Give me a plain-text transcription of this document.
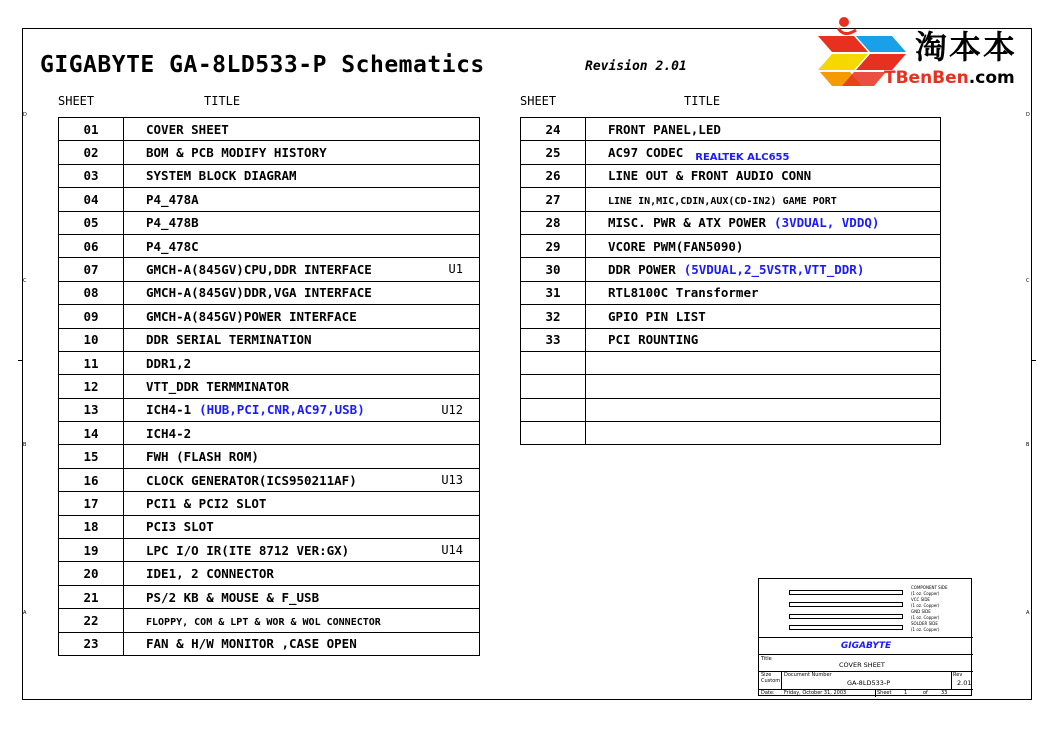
D
C
B
A
D
C
B
A
GIGABYTE GA-8LD533-P Schematics	Revision 2.01
淘本本
TBenBen.com
SHEET	TITLE	SHEET	TITLE
01	COVER SHEET
02	BOM & PCB MODIFY HISTORY
03	SYSTEM BLOCK DIAGRAM
04	P4_478A
05	P4_478B
06	P4_478C
07	GMCH-A(845GV)CPU,DDR INTERFACE U1

08	GMCH-A(845GV)DDR,VGA INTERFACE
09	GMCH-A(845GV)POWER INTERFACE
10	DDR SERIAL TERMINATION
11	DDR1,2
12	VTT_DDR TERMMINATOR
13	ICH4-1 (HUB,PCI,CNR,AC97,USB) U12

14	ICH4-2
15	FWH (FLASH ROM)
16	CLOCK GENERATOR(ICS950211AF) U13

17	PCI1 & PCI2 SLOT
18	PCI3 SLOT
19	LPC I/O IR(ITE 8712 VER:GX) U14

20	IDE1, 2 CONNECTOR
21	PS/2 KB & MOUSE & F_USB
22	FLOPPY, COM & LPT & WOR & WOL CONNECTOR
23	FAN & H/W MONITOR ,CASE OPEN
24	FRONT PANEL,LED
25	AC97 CODEC $_{REALTEK ALC655}$
26	LINE OUT & FRONT AUDIO CONN
27	LINE IN,MIC,CDIN,AUX(CD-IN2) GAME PORT
28	MISC. PWR & ATX POWER (3VDUAL, VDDQ)
29	VCORE PWM(FAN5090)
30	DDR POWER (5VDUAL,2_5VSTR,VTT_DDR)
31	RTL8100C Transformer
32	GPIO PIN LIST
33	PCI ROUNTING

COMPONENT SIDE
(1 oz. Copper)
VCC SIDE
(1 oz. Copper)
GND SIDE
(1 oz. Copper)
SOLDER SIDE
(1 oz. Copper)
GIGABYTE
Title
COVER SHEET
Size
Custom
Document Number
GA-8LD533-P
Rev
2.01
Date: Friday, October 31, 2003	Sheet	1	of	33
